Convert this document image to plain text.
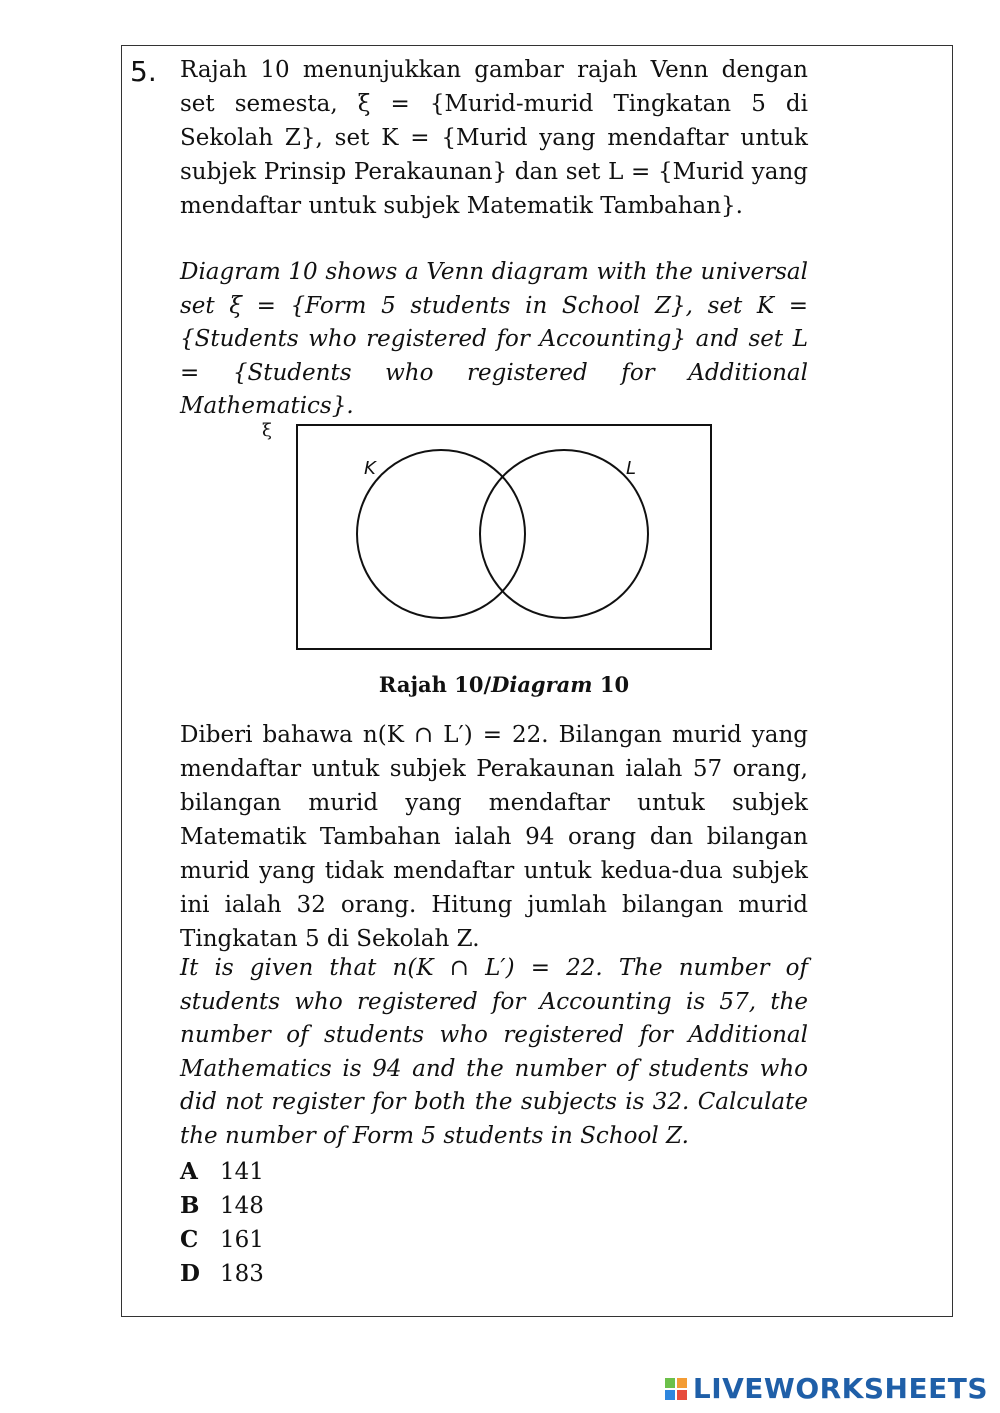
5. Rajah 10 menunjukkan gambar rajah Venn dengan set semesta, ξ = {Murid-murid Tingkatan 5 di Sekolah Z}, set K = {Murid yang mendaftar untuk subjek Prinsip Perakaunan} dan set L = {Murid yang mendaftar untuk subjek Matematik Tambahan}.

Diagram 10 shows a Venn diagram with the universal set ξ = {Form 5 students in School Z}, set K = {Students who registered for Accounting} and set L = {Students who registered for Additional Mathematics}.

ξ
K	L
Rajah 10/Diagram 10

Diberi bahawa n(K ∩ L′) = 22. Bilangan murid yang mendaftar untuk subjek Perakaunan ialah 57 orang, bilangan murid yang mendaftar untuk subjek Matematik Tambahan ialah 94 orang dan bilangan murid yang tidak mendaftar untuk kedua-dua subjek ini ialah 32 orang. Hitung jumlah bilangan murid Tingkatan 5 di Sekolah Z.

It is given that n(K ∩ L′) = 22. The number of students who registered for Accounting is 57, the number of students who registered for Additional Mathematics is 94 and the number of students who did not register for both the subjects is 32. Calculate the number of Form 5 students in School Z.

A 141
B 148
C 161
D 183
LIVEWORKSHEETS
